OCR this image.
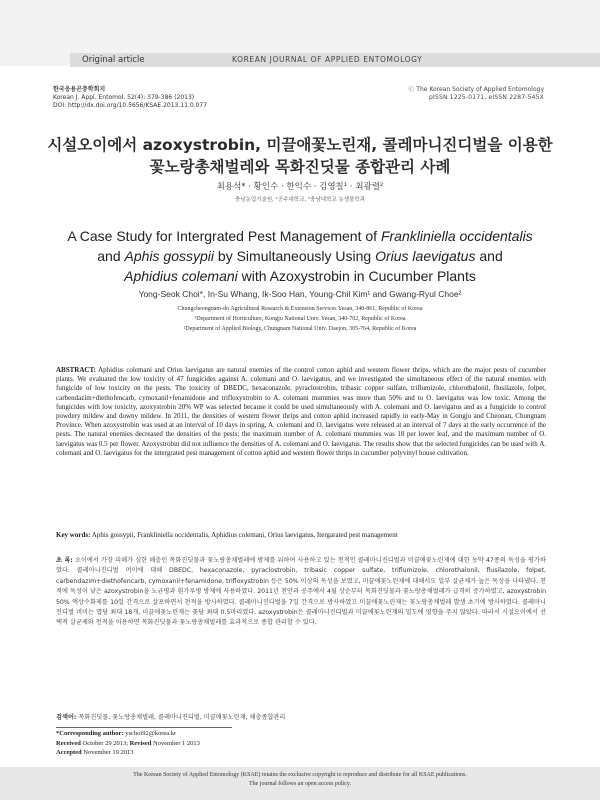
Original article	KOREAN JOURNAL OF APPLIED ENTOMOLOGY
한국응용곤충학회지
Korean J. Appl. Entomol. 52(4): 379-386 (2013)
DOI: http://dx.doi.org/10.5656/KSAE.2013.11.0.077
ⓒ The Korean Society of Applied Entomology
pISSN 1225-0171, eISSN 2287-545X
시설오이에서 azoxystrobin, 미끌애꽃노린재, 콜레마니진디벌을 이용한
꽃노랑총채벌레와 목화진딧물 종합관리 사례
최용석* · 황인수 · 한익수 · 김영칠¹ · 최광렬²
충남농업기술원, ¹공주대학교, ²충남대학교 농생물학과
A Case Study for Intergrated Pest Management of Frankliniella occidentalis
and Aphis gossypii by Simultaneously Using Orius laevigatus and
Aphidius colemani with Azoxystrobin in Cucumber Plants
Yong-Seok Choi*, In-Su Whang, Ik-Soo Han, Young-Chil Kim¹ and Gwang-Ryul Choe²
Chungcheongnam-do Agricultural Research & Extension Services Yesan, 340-861, Republic of Korea
¹Department of Horticulture, Kongju National Univ. Yesan, 340-702, Republic of Korea
²Department of Applied Biology, Chungnam National Univ. Daejon, 305-764, Republic of Korea
ABSTRACT: Aphidius colemani and Orius laevigatus are natural enemies of the control cotton aphid and western flower thrips, which are the major pests of cucumber plants. We evaluated the low toxicity of 47 fungicides against A. colemani and O. laevigatus, and we investigated the simultaneous effect of the natural enemies with fungicide of low toxicity on the pests. The toxicity of DBEDC, hexaconazole, pyraclostrobin, tribasic copper sulfate, triflumizole, chlorothalonil, flusilazole, folpet, carbendazim+diethofencarb, cymoxanil+fenamidone and trifloxystrobin to A. colemani mummies was more than 50% and to O. laevigatus was low toxic. Among the fungicides with low toxicity, azoxystrobin 20% WP was selected because it could be used simultaneously with A. colemani and O. laevigatus and as a fungicide to control powdery mildew and downy mildew. In 2011, the densities of western flower thrips and cotton aphid increased rapidly in early-May in Gongju and Cheonan, Chungnam Province. When azoxystrobin was used at an interval of 10 days in spring, A. colemani and O. laevigatus were released at an interval of 7 days at the early occurrence of the pests. The natural enemies decreased the densities of the pests; the maximum number of A. colemani mummies was 18 per lower leaf, and the maximum number of O. laevigatus was 0.5 per flower. Azoxystrobin did not influence the densities of A. colemani and O. laevigatus. The results show that the selected fungicides can be used with A. colemani and O. laevigatus for the intergrated pest management of cotton aphid and western flower thrips in cucumber polyvinyl house cultivation.
Key words: Aphis gossypii, Frankliniella occidentalis, Aphidius colemani, Orius laevigatus, Itergarated pest management
초 록: 오이에서 가장 피해가 심한 해충인 목화진딧물과 꽃노랑총채벌레에 방제를 위하여 사용하고 있는 천적인 콜레마니진디벌과 미끌애꽃노린재에 대한 농약 47종의 독성을 평가하였다. 콜레마니진디벌 머미에 대해 DBEDC, hexaconazole, pyraclostrobin, tribasic copper sulfate, triflumizole, chlorothalonil, flusilazole, folpet, carbendazim+diethofencarb, cymoxanil+fenamidone, trifloxystrobin 등은 50% 이상의 독성을 보였고, 미끌애꽃노린재에 대해서도 일부 살균제가 높은 독성을 나타냈다. 천적에 독성이 낮은 azoxystrobin을 노균병과 흰가루병 방제에 사용하였다. 2011년 천안과 공주에서 4월 상순부터 목화진딧물과 꽃노랑총채벌레가 급격히 증가하였고, azoxystrobin 50% 액상수화제를 10일 간격으로 살포하면서 천적을 방사하였다. 콜레마니진디벌을 7일 간격으로 방사하였고 미끌애꽃노린재는 꽃노랑총채벌레 발생 초기에 방사하였다. 콜레마니진디벌 머미는 엽당 최대 18개, 미끌애꽃노린재는 꽃당 최대 0.5마리였다. azoxystrobin은 콜레마니진디벌과 미끌애꽃노린재의 밀도에 영향을 주지 않았다. 따라서 시설오이에서 선택적 살균제와 천적을 이용하면 목화진딧물과 꽃노랑총채벌레를 효과적으로 종합 관리할 수 있다.
검색어: 목화진딧물, 꽃노랑총채벌레, 콜레마니진디벌, 미끌애꽃노린재, 해충종합관리
*Corresponding author: yschoi92@korea.kr
Received October 29 2013; Revised November 1 2013
Accepted November 19 2013
The Korean Society of Applied Entomology (KSAE) retains the exclusive copyright to reproduce and distribute for all KSAE publications.
The journal follows an open access policy.
